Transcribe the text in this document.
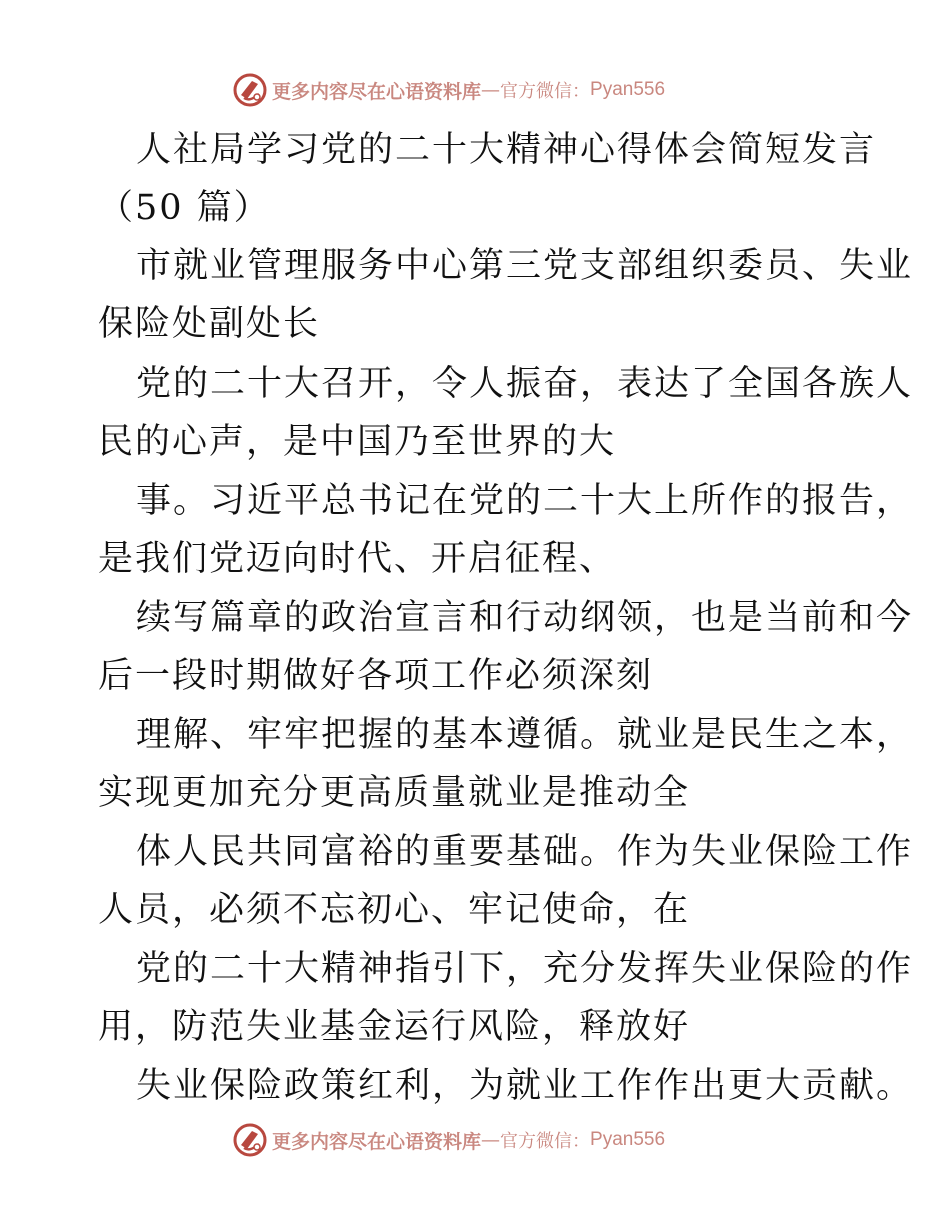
更多内容尽在心语资料库 — 官方微信： Pyan556
人社局学习党的二十大精神心得体会简短发言
（50 篇）
市就业管理服务中心第三党支部组织委员、失业
保险处副处长
党的二十大召开，令人振奋，表达了全国各族人
民的心声，是中国乃至世界的大
事。习近平总书记在党的二十大上所作的报告，
是我们党迈向时代、开启征程、
续写篇章的政治宣言和行动纲领，也是当前和今
后一段时期做好各项工作必须深刻
理解、牢牢把握的基本遵循。就业是民生之本，
实现更加充分更高质量就业是推动全
体人民共同富裕的重要基础。作为失业保险工作
人员，必须不忘初心、牢记使命，在
党的二十大精神指引下，充分发挥失业保险的作
用，防范失业基金运行风险，释放好
失业保险政策红利，为就业工作作出更大贡献。
更多内容尽在心语资料库 — 官方微信： Pyan556
